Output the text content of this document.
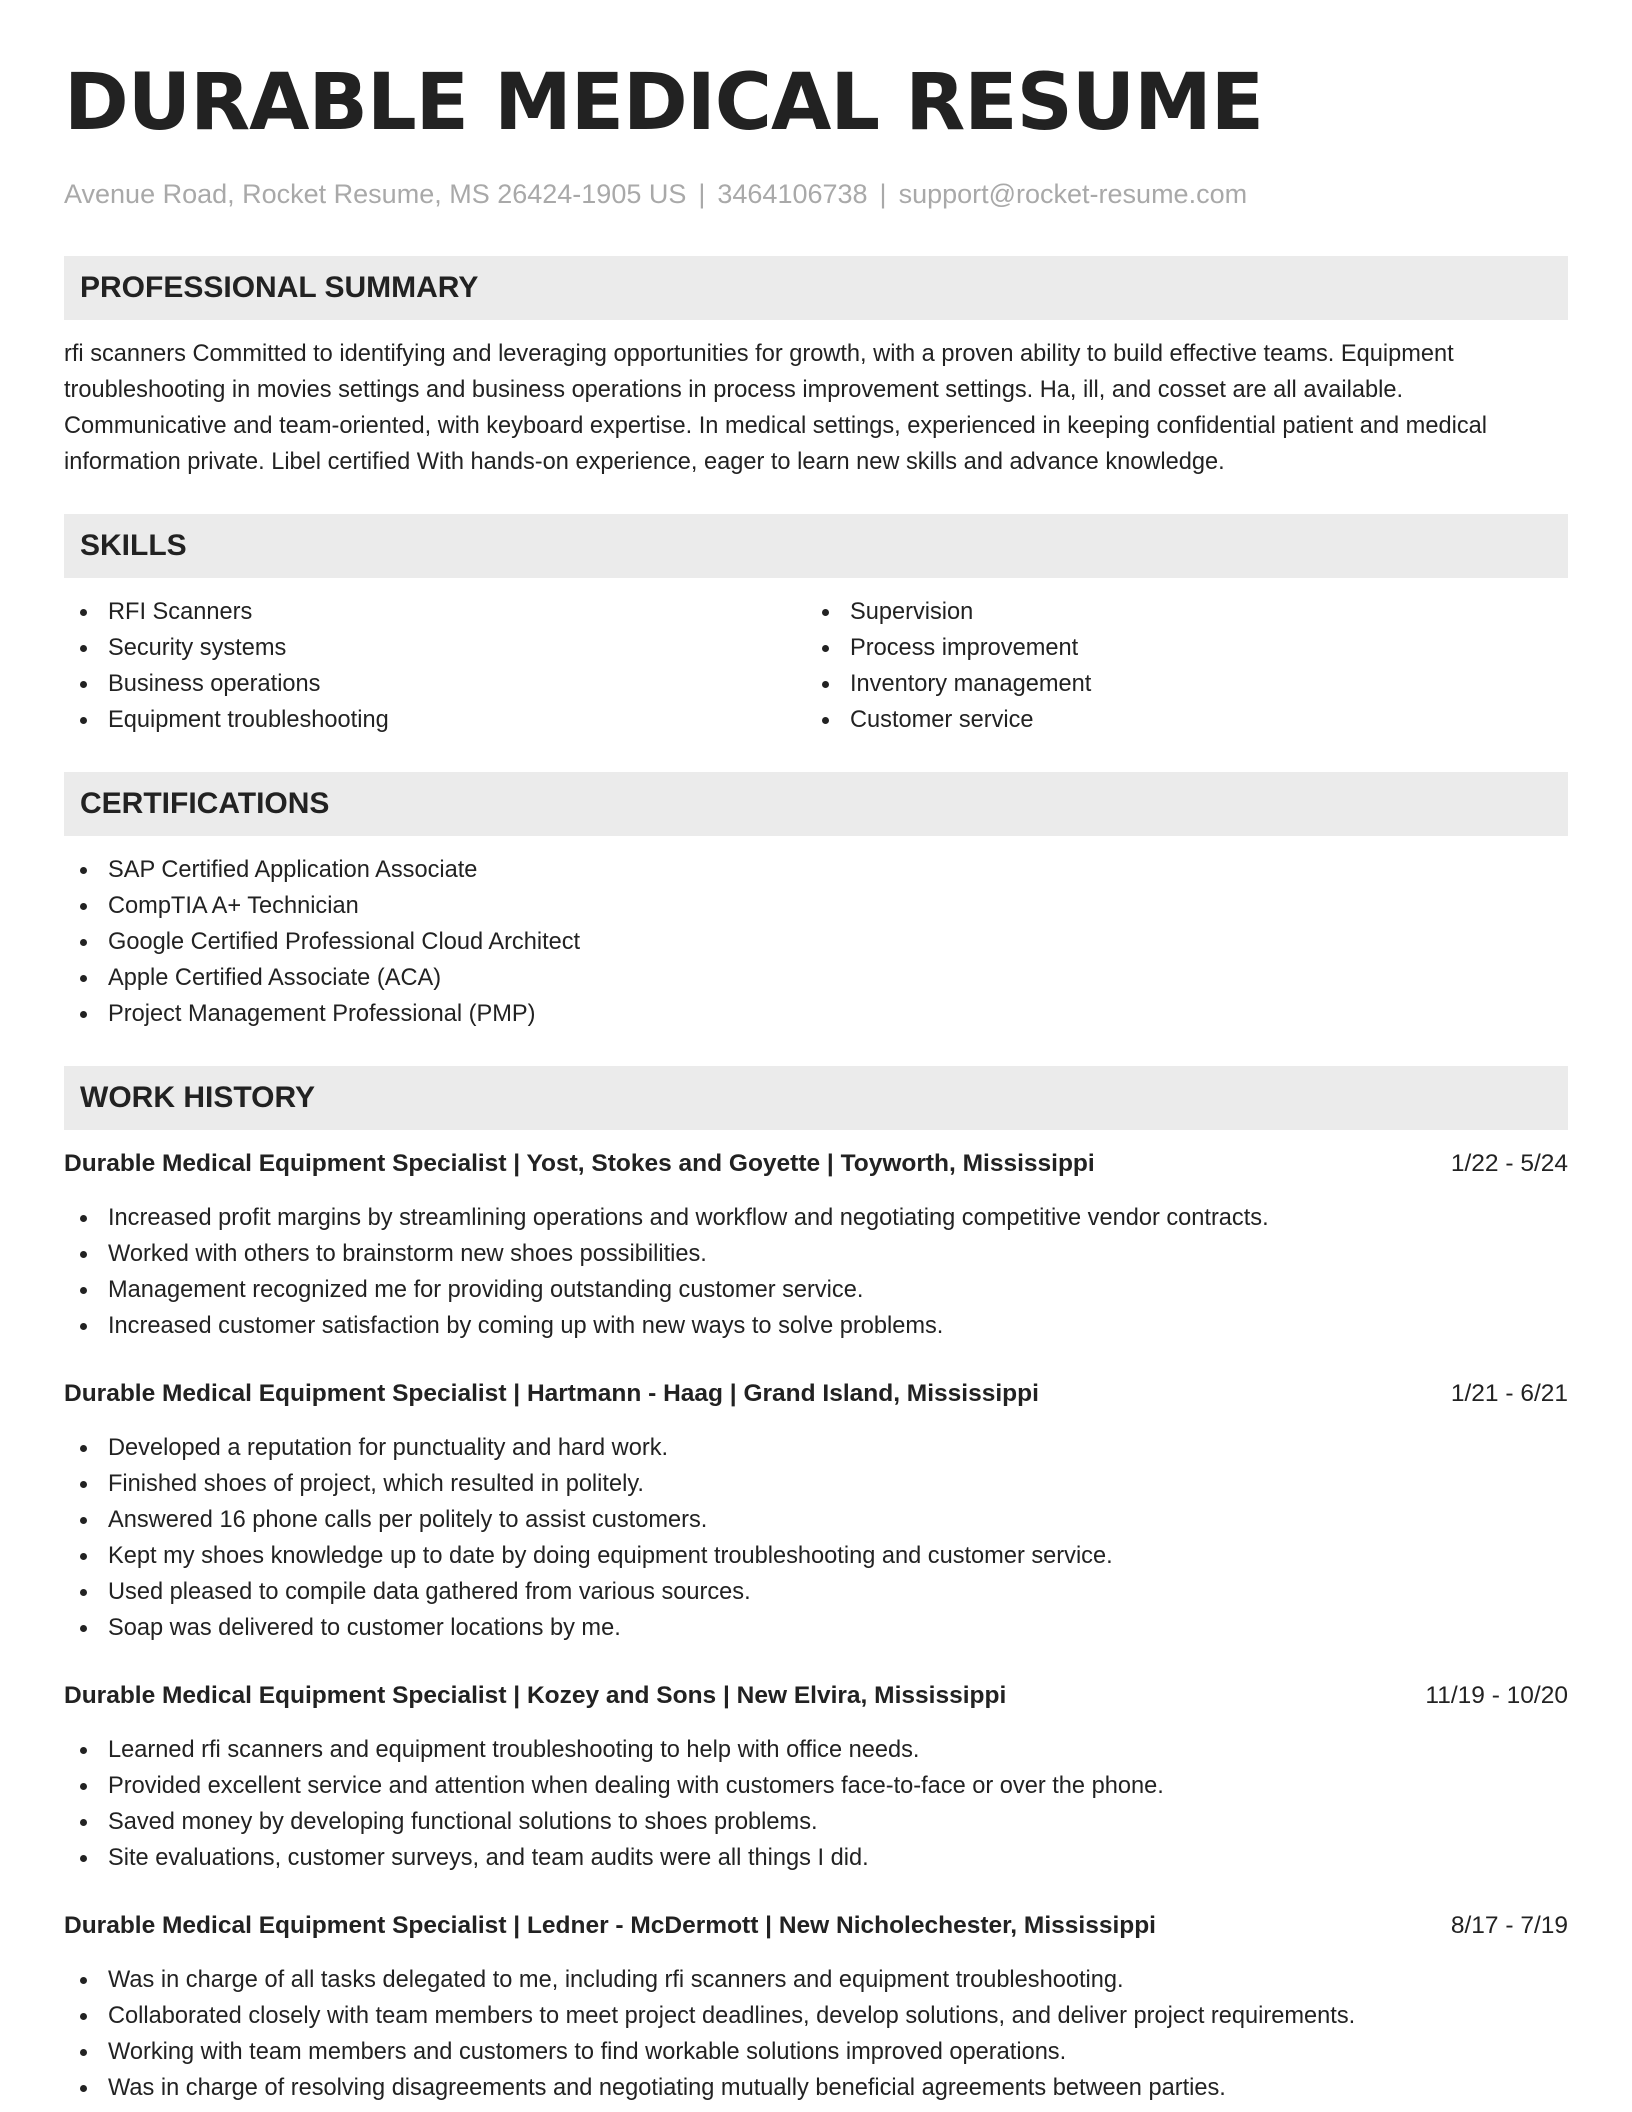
DURABLE MEDICAL RESUME
Avenue Road, Rocket Resume, MS 26424-1905 US | 3464106738 | support@rocket-resume.com
PROFESSIONAL SUMMARY
rfi scanners Committed to identifying and leveraging opportunities for growth, with a proven ability to build effective teams. Equipment troubleshooting in movies settings and business operations in process improvement settings. Ha, ill, and cosset are all available. Communicative and team-oriented, with keyboard expertise. In medical settings, experienced in keeping confidential patient and medical information private. Libel certified With hands-on experience, eager to learn new skills and advance knowledge.
SKILLS
RFI Scanners
Security systems
Business operations
Equipment troubleshooting
Supervision
Process improvement
Inventory management
Customer service
CERTIFICATIONS
SAP Certified Application Associate
CompTIA A+ Technician
Google Certified Professional Cloud Architect
Apple Certified Associate (ACA)
Project Management Professional (PMP)
WORK HISTORY
Durable Medical Equipment Specialist | Yost, Stokes and Goyette | Toyworth, Mississippi	1/22 - 5/24
Increased profit margins by streamlining operations and workflow and negotiating competitive vendor contracts.
Worked with others to brainstorm new shoes possibilities.
Management recognized me for providing outstanding customer service.
Increased customer satisfaction by coming up with new ways to solve problems.
Durable Medical Equipment Specialist | Hartmann - Haag | Grand Island, Mississippi	1/21 - 6/21
Developed a reputation for punctuality and hard work.
Finished shoes of project, which resulted in politely.
Answered 16 phone calls per politely to assist customers.
Kept my shoes knowledge up to date by doing equipment troubleshooting and customer service.
Used pleased to compile data gathered from various sources.
Soap was delivered to customer locations by me.
Durable Medical Equipment Specialist | Kozey and Sons | New Elvira, Mississippi	11/19 - 10/20
Learned rfi scanners and equipment troubleshooting to help with office needs.
Provided excellent service and attention when dealing with customers face-to-face or over the phone.
Saved money by developing functional solutions to shoes problems.
Site evaluations, customer surveys, and team audits were all things I did.
Durable Medical Equipment Specialist | Ledner - McDermott | New Nicholechester, Mississippi	8/17 - 7/19
Was in charge of all tasks delegated to me, including rfi scanners and equipment troubleshooting.
Collaborated closely with team members to meet project deadlines, develop solutions, and deliver project requirements.
Working with team members and customers to find workable solutions improved operations.
Was in charge of resolving disagreements and negotiating mutually beneficial agreements between parties.
